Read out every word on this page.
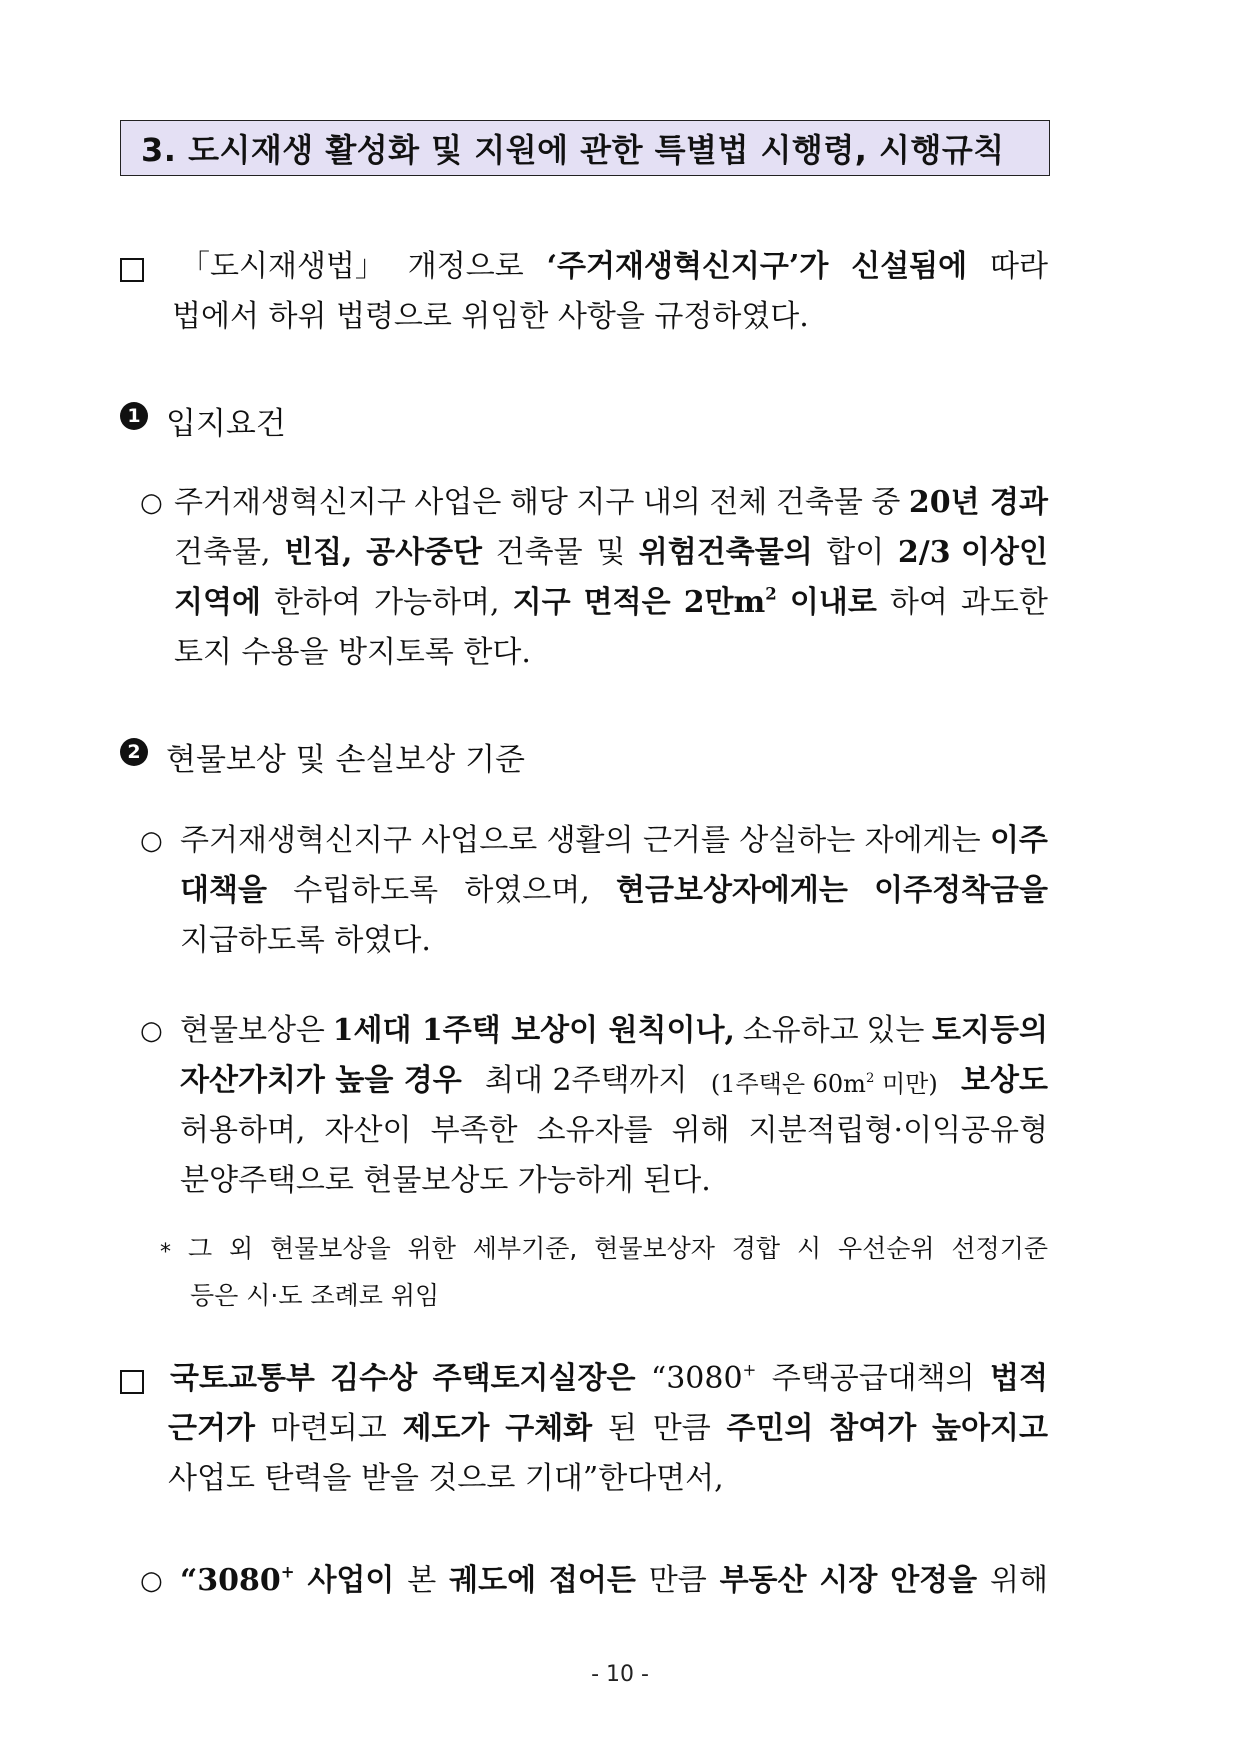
3. 도시재생 활성화 및 지원에 관한 특별법 시행령, 시행규칙
「도시재생법」 개정으로 ‘주거재생혁신지구’가 신설됨에 따라
법에서 하위 법령으로 위임한 사항을 규정하였다.
1 입지요건
○ 주거재생혁신지구 사업은 해당 지구 내의 전체 건축물 중 20년 경과
건축물, 빈집, 공사중단 건축물 및 위험건축물의 합이 2/3 이상인
지역에 한하여 가능하며, 지구 면적은 2만$m^2$ 이내로 하여 과도한
토지 수용을 방지토록 한다.
2 현물보상 및 손실보상 기준
○ 주거재생혁신지구 사업으로 생활의 근거를 상실하는 자에게는 이주
대책을 수립하도록 하였으며, 현금보상자에게는 이주정착금을
지급하도록 하였다.
○ 현물보상은 1세대 1주택 보상이 원칙이나, 소유하고 있는 토지등의
자산가치가 높을 경우 최대 2주택까지 (1주택은 $60m^2$ 미만) 보상도
허용하며, 자산이 부족한 소유자를 위해 지분적립형·이익공유형
분양주택으로 현물보상도 가능하게 된다.
* 그 외 현물보상을 위한 세부기준, 현물보상자 경합 시 우선순위 선정기준
등은 시·도 조례로 위임
국토교통부 김수상 주택토지실장은 “3080+ 주택공급대책의 법적
근거가 마련되고 제도가 구체화 된 만큼 주민의 참여가 높아지고
사업도 탄력을 받을 것으로 기대”한다면서,
○ “3080+ 사업이 본 궤도에 접어든 만큼 부동산 시장 안정을 위해
- 10 -
